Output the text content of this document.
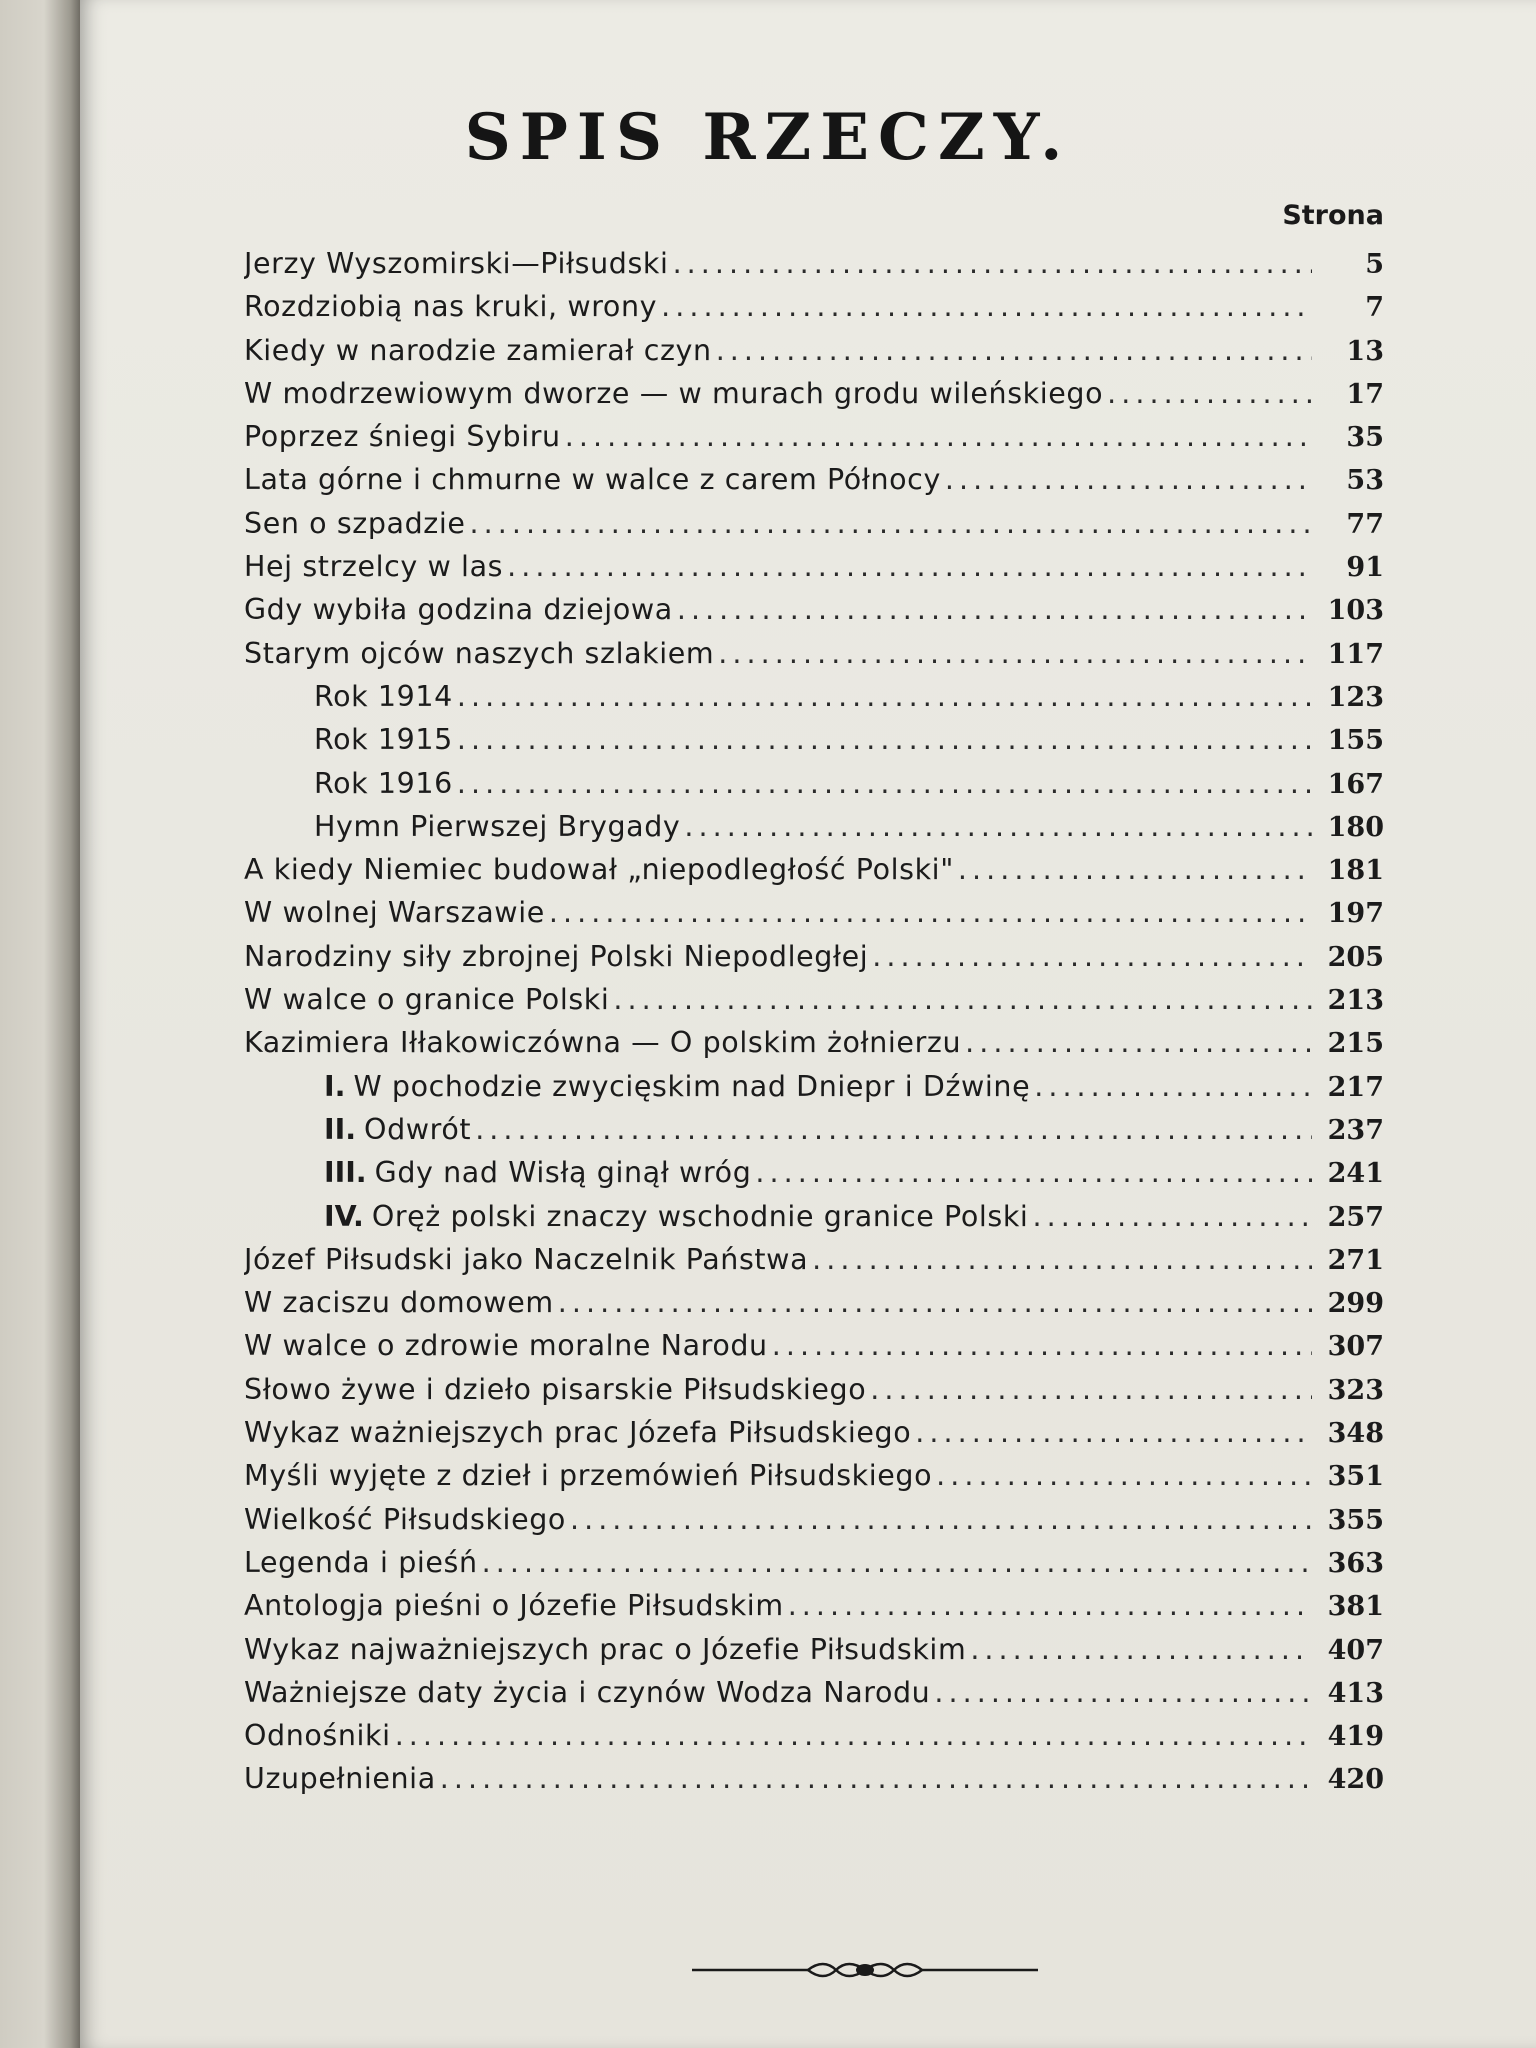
SPIS RZECZY.
Strona
Jerzy Wyszomirski—Piłsudski . . .	5
Rozdziobią nas kruki, wrony . . .	7
Kiedy w narodzie zamierał czyn . . .	13
W modrzewiowym dworze — w murach grodu wileńskiego . . .	17
Poprzez śniegi Sybiru . . .	35
Lata górne i chmurne w walce z carem Północy . . .	53
Sen o szpadzie . . .	77
Hej strzelcy w las . . .	91
Gdy wybiła godzina dziejowa . . .	103
Starym ojców naszych szlakiem . . .	117
Rok 1914 . . .	123
Rok 1915 . . .	155
Rok 1916 . . .	167
Hymn Pierwszej Brygady . . .	180
A kiedy Niemiec budował „niepodległość Polski" . . .	181
W wolnej Warszawie . . .	197
Narodziny siły zbrojnej Polski Niepodległej . . .	205
W walce o granice Polski . . .	213
Kazimiera Iłłakowiczówna — O polskim żołnierzu . . .	215
I. W pochodzie zwycięskim nad Dniepr i Dźwinę . . .	217
II. Odwrót . . .	237
III. Gdy nad Wisłą ginął wróg . . .	241
IV. Oręż polski znaczy wschodnie granice Polski . . .	257
Józef Piłsudski jako Naczelnik Państwa . . .	271
W zaciszu domowem . . .	299
W walce o zdrowie moralne Narodu . . .	307
Słowo żywe i dzieło pisarskie Piłsudskiego . . .	323
Wykaz ważniejszych prac Józefa Piłsudskiego . . .	348
Myśli wyjęte z dzieł i przemówień Piłsudskiego . . .	351
Wielkość Piłsudskiego . . .	355
Legenda i pieśń . . .	363
Antologja pieśni o Józefie Piłsudskim . . .	381
Wykaz najważniejszych prac o Józefie Piłsudskim . . .	407
Ważniejsze daty życia i czynów Wodza Narodu . . .	413
Odnośniki . . .	419
Uzupełnienia . . .	420
